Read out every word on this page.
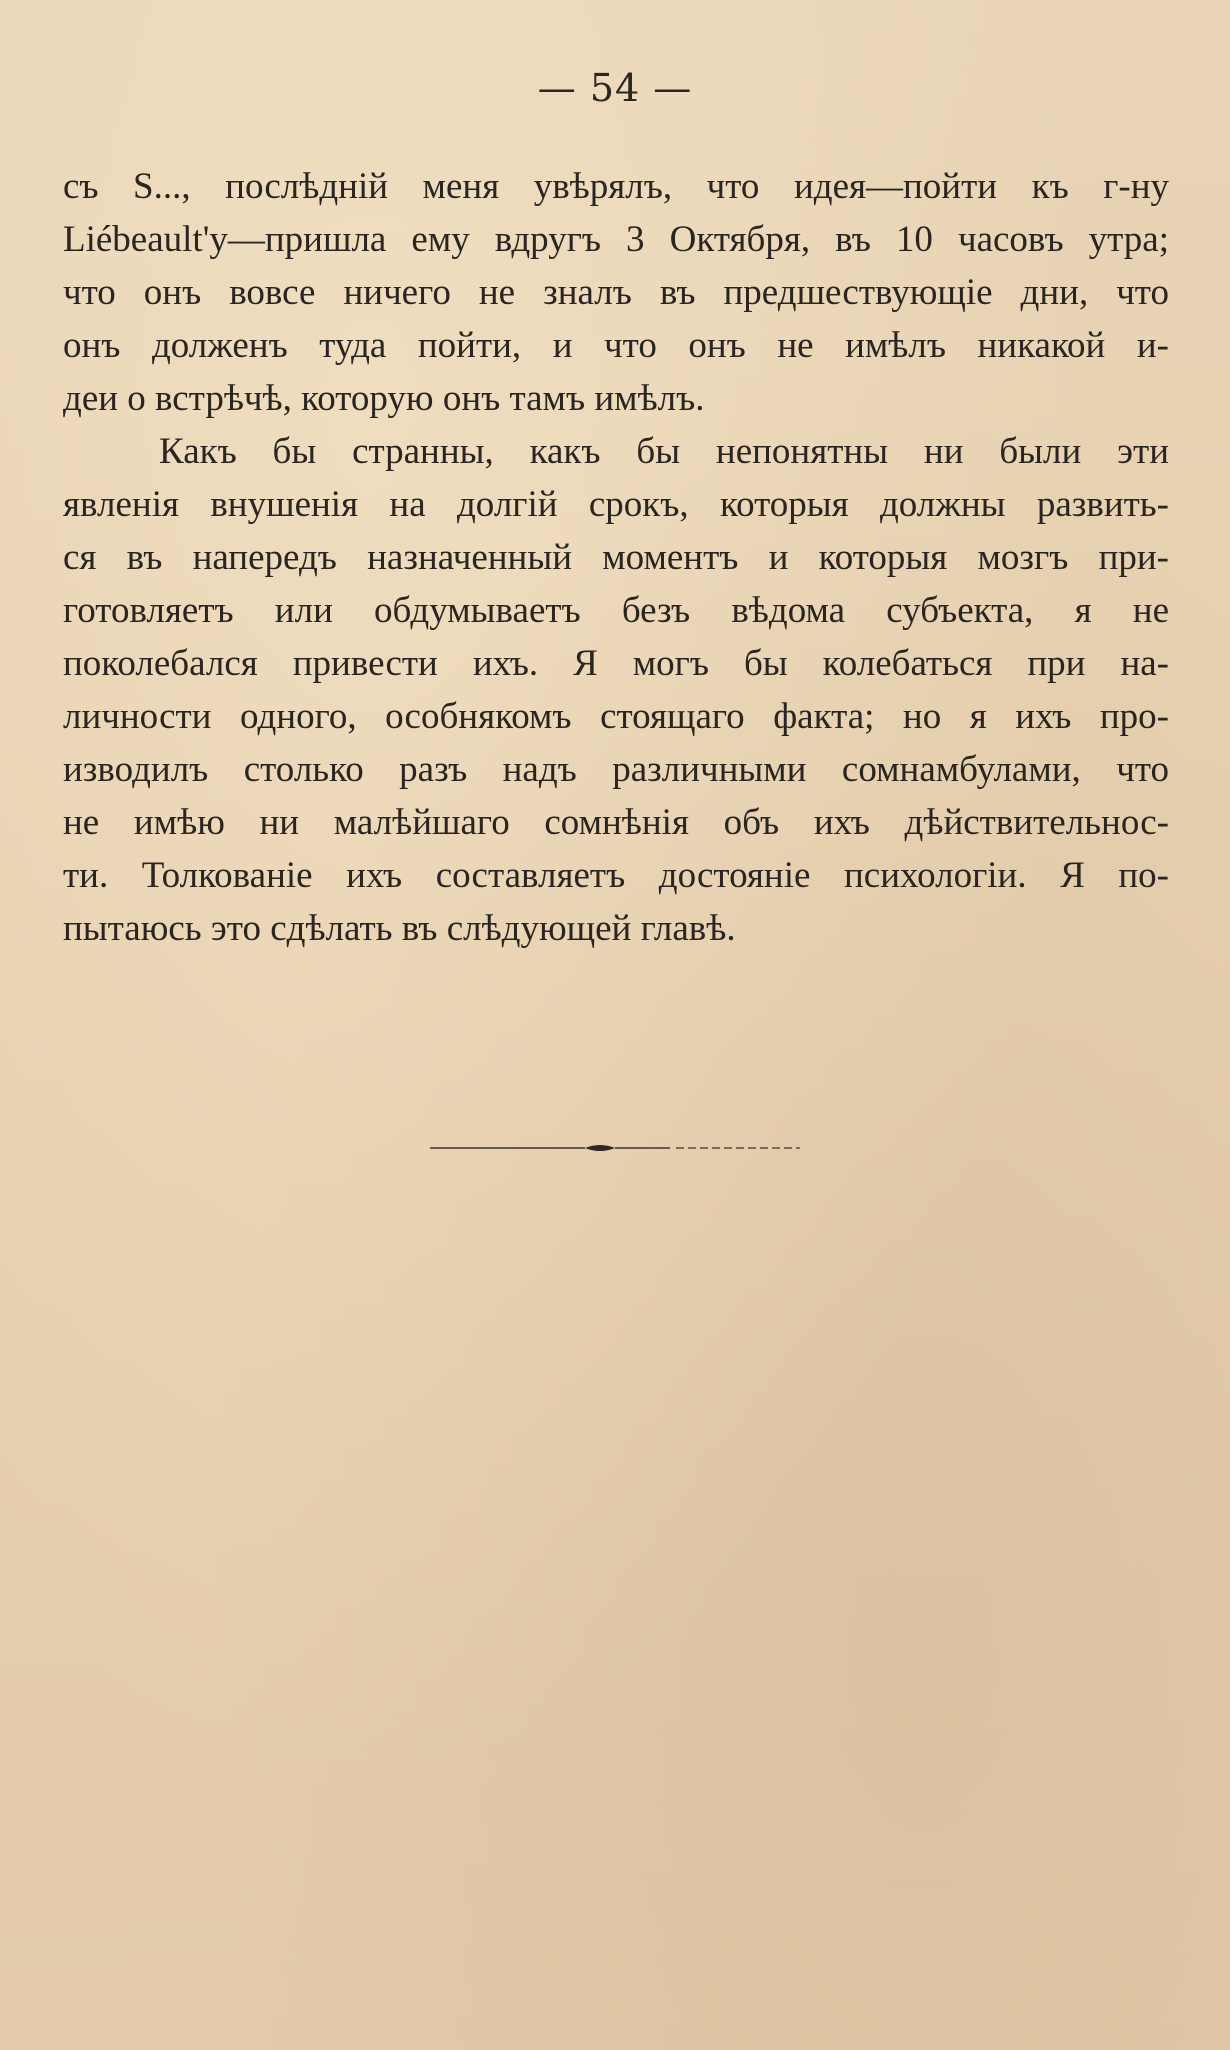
— 54 —
съ S..., послѣднiй меня увѣрялъ, что идея—пойти къ г-ну
Liébeault'у—пришла ему вдругъ 3 Октября, въ 10 часовъ утра;
что онъ вовсе ничего не зналъ въ предшествующiе дни, что
онъ долженъ туда пойти, и что онъ не имѣлъ никакой и-
деи о встрѣчѣ, которую онъ тамъ имѣлъ.
Какъ бы странны, какъ бы непонятны ни были эти
явленiя внушенiя на долгiй срокъ, которыя должны развить-
ся въ напередъ назначенный моментъ и которыя мозгъ при-
готовляетъ или обдумываетъ безъ вѣдома субъекта, я не
поколебался привести ихъ. Я могъ бы колебаться при на-
личности одного, особнякомъ стоящаго факта; но я ихъ про-
изводилъ столько разъ надъ различными сомнамбулами, что
не имѣю ни малѣйшаго сомнѣнiя объ ихъ дѣйствительнос-
ти. Толкованiе ихъ составляетъ достоянiе психологiи. Я по-
пытаюсь это сдѣлать въ слѣдующей главѣ.
